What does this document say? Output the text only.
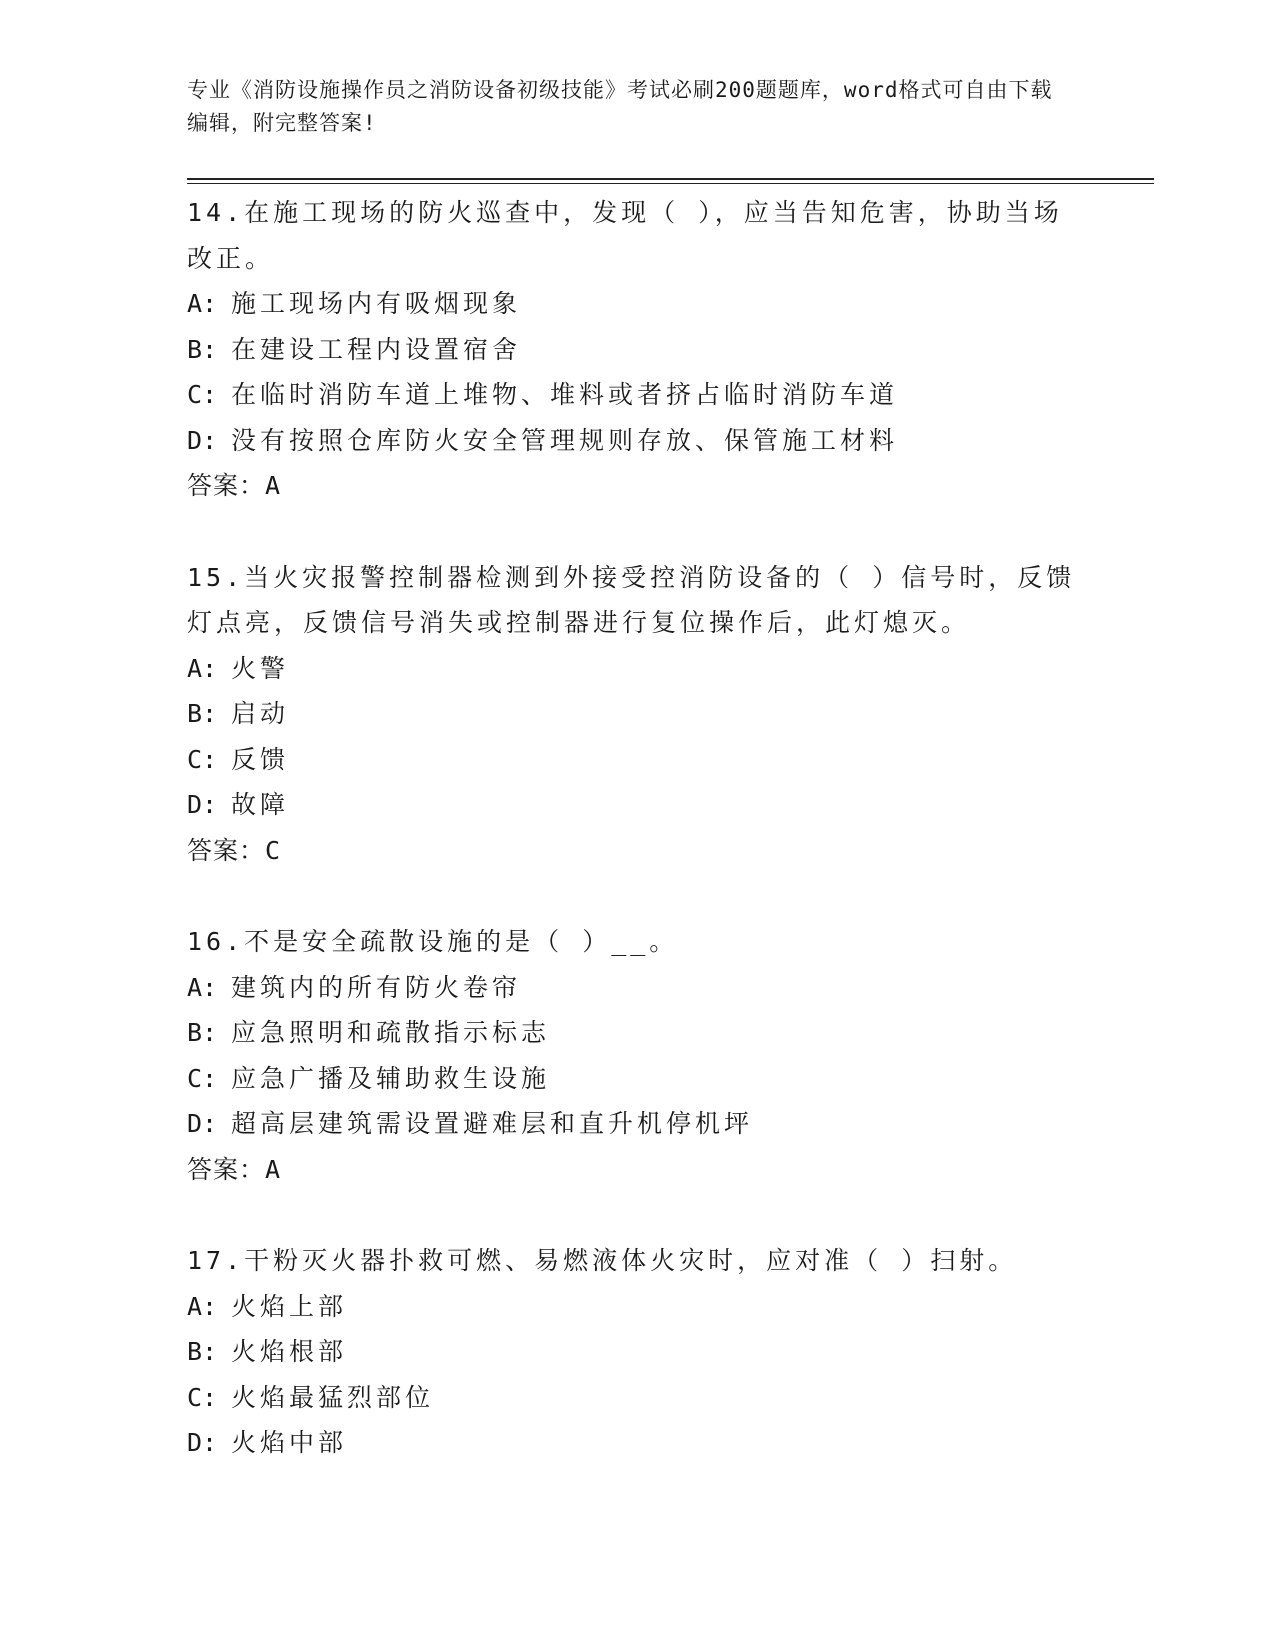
专业《消防设施操作员之消防设备初级技能》考试必刷200题题库，word格式可自由下载编辑，附完整答案!
14.在施工现场的防火巡查中，发现（ ），应当告知危害，协助当场改正。
A: 施工现场内有吸烟现象
B: 在建设工程内设置宿舍
C: 在临时消防车道上堆物、堆料或者挤占临时消防车道
D: 没有按照仓库防火安全管理规则存放、保管施工材料
答案：A
15.当火灾报警控制器检测到外接受控消防设备的（ ）信号时，反馈灯点亮，反馈信号消失或控制器进行复位操作后，此灯熄灭。
A: 火警
B: 启动
C: 反馈
D: 故障
答案：C
16.不是安全疏散设施的是（ ）__。
A: 建筑内的所有防火卷帘
B: 应急照明和疏散指示标志
C: 应急广播及辅助救生设施
D: 超高层建筑需设置避难层和直升机停机坪
答案：A
17.干粉灭火器扑救可燃、易燃液体火灾时，应对准（ ）扫射。
A: 火焰上部
B: 火焰根部
C: 火焰最猛烈部位
D: 火焰中部
